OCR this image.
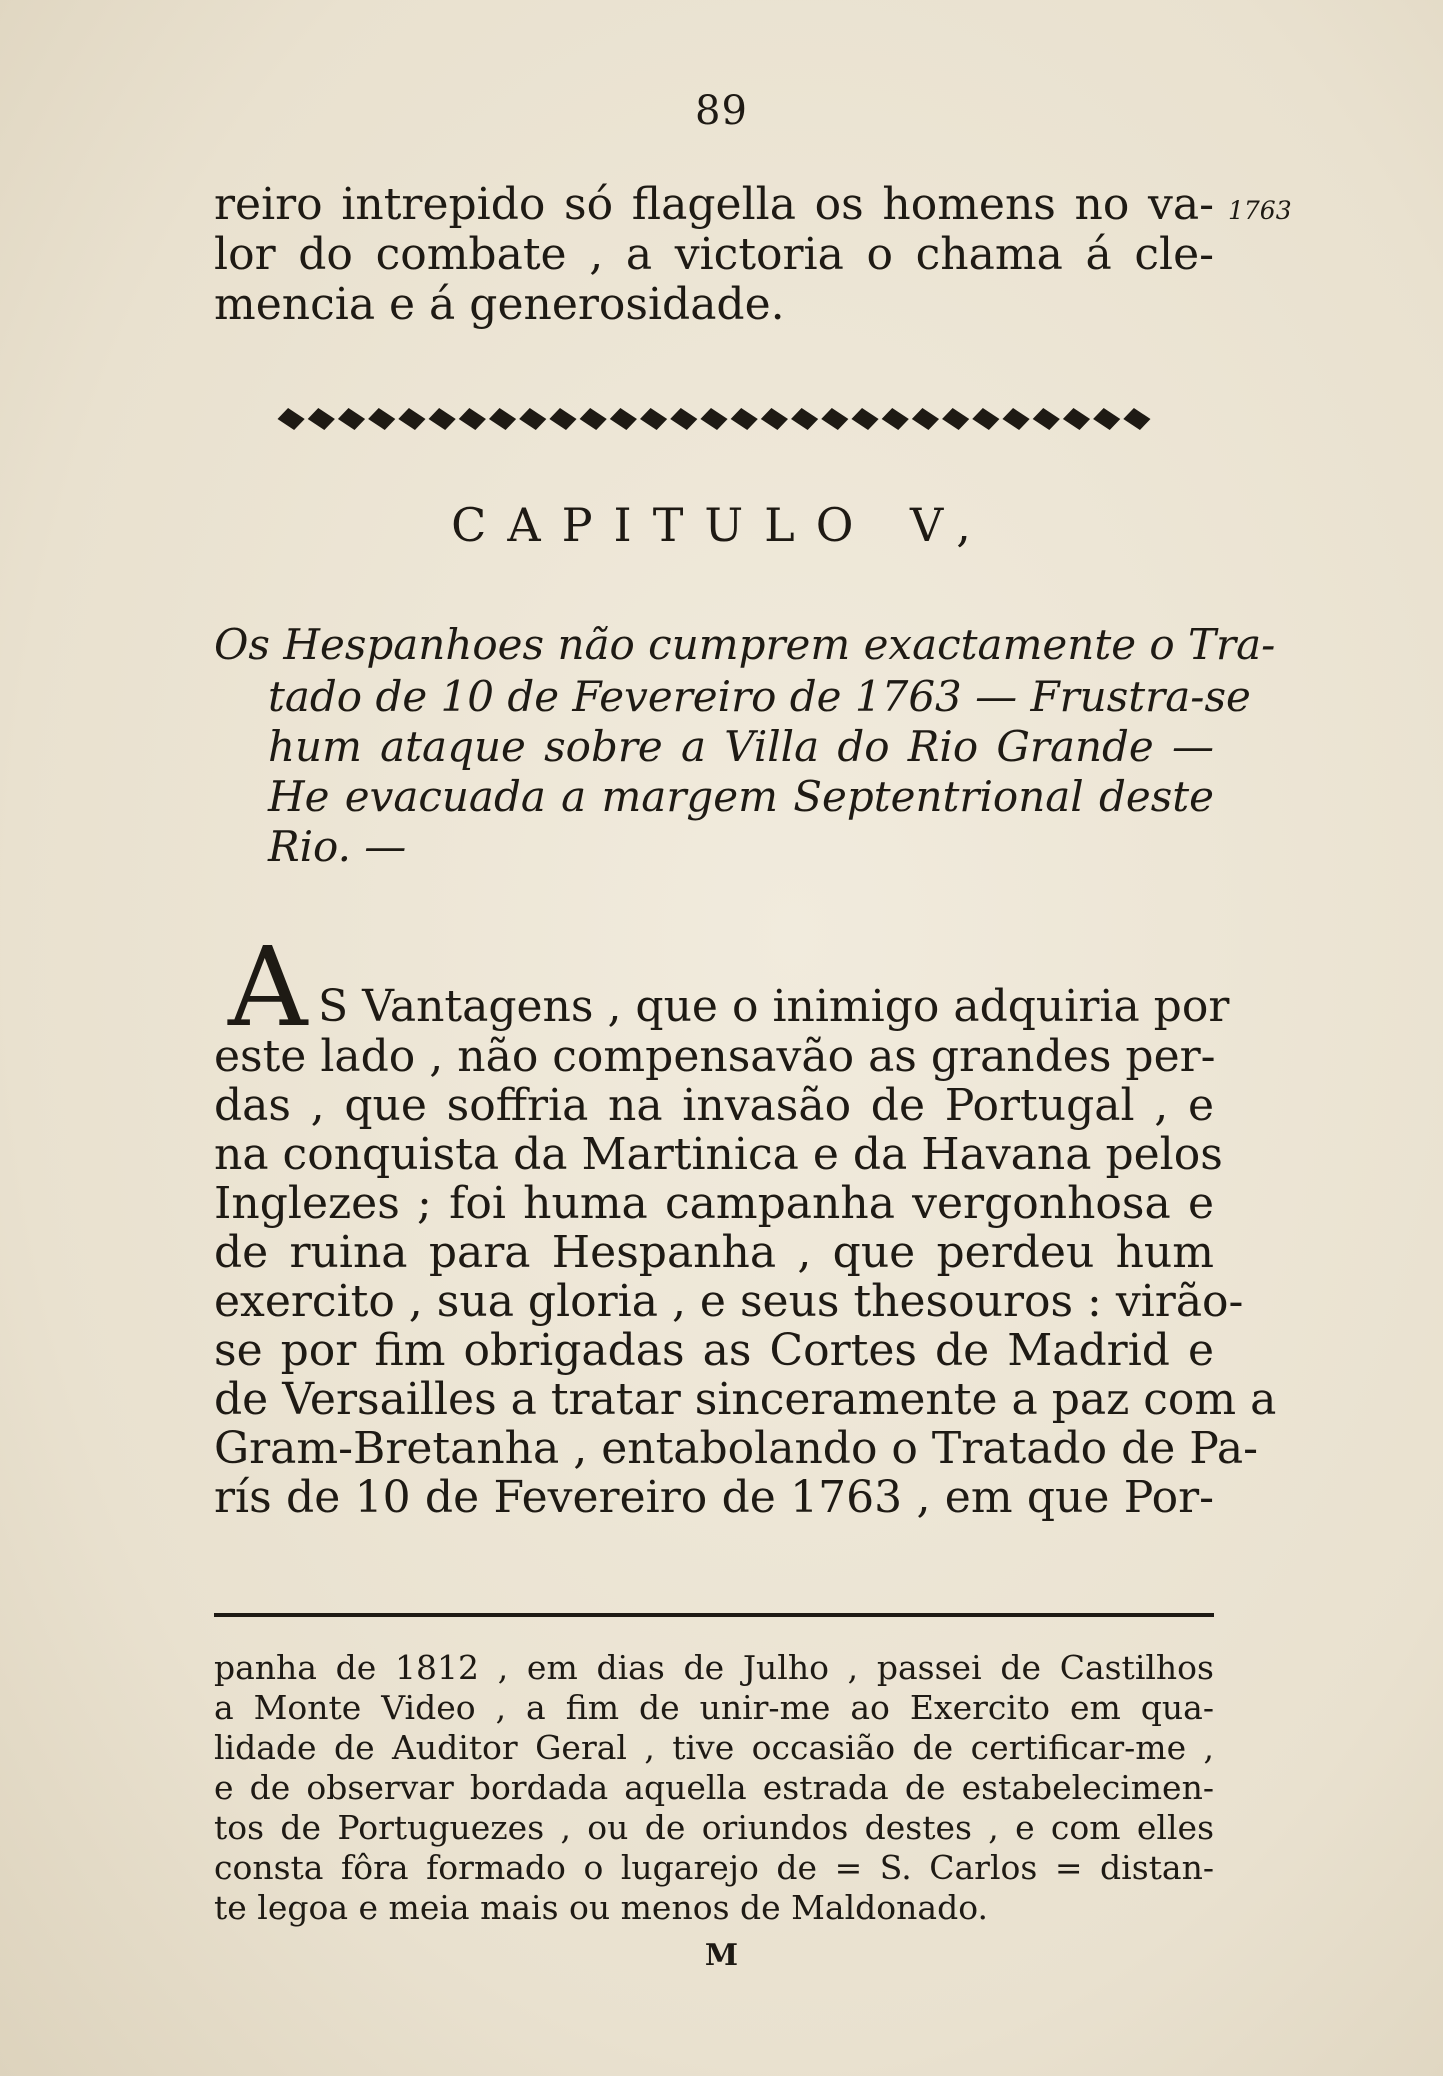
89

reiro intrepido só flagella os homens no va-

lor do combate , a victoria o chama á cle-

mencia e á generosidade.

1763
CAPITULO V,

Os Hespanhoes não cumprem exactamente o Tra-

tado de 10 de Fevereiro de 1763 — Frustra-se

hum ataque sobre a Villa do Rio Grande —

He evacuada a margem Septentrional deste

Rio. —

A S Vantagens , que o inimigo adquiria por

este lado , não compensavão as grandes per-

das , que soffria na invasão de Portugal , e

na conquista da Martinica e da Havana pelos

Inglezes ; foi huma campanha vergonhosa e

de ruina para Hespanha , que perdeu hum

exercito , sua gloria , e seus thesouros : virão-

se por fim obrigadas as Cortes de Madrid e

de Versailles a tratar sinceramente a paz com a

Gram-Bretanha , entabolando o Tratado de Pa-

rís de 10 de Fevereiro de 1763 , em que Por-

panha de 1812 , em dias de Julho , passei de Castilhos

a Monte Video , a fim de unir-me ao Exercito em qua-

lidade de Auditor Geral , tive occasião de certificar-me ,

e de observar bordada aquella estrada de estabelecimen-

tos de Portuguezes , ou de oriundos destes , e com elles

consta fôra formado o lugarejo de = S. Carlos = distan-

te legoa e meia mais ou menos de Maldonado.

M
